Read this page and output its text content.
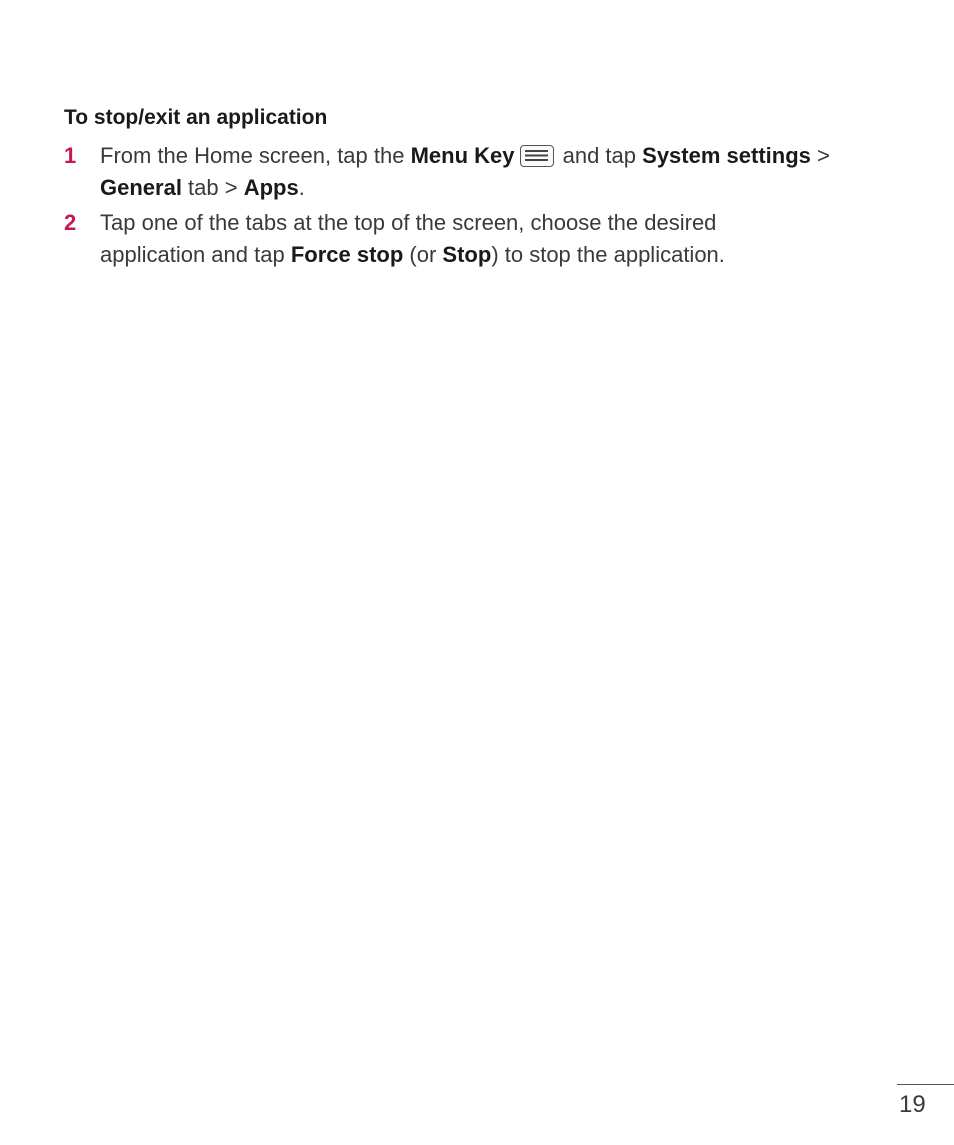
To stop/exit an application
1 From the Home screen, tap the Menu Key
and tap System settings >
General tab > Apps.
2 Tap one of the tabs at the top of the screen, choose the desired application and tap Force stop (or Stop) to stop the application.
19
